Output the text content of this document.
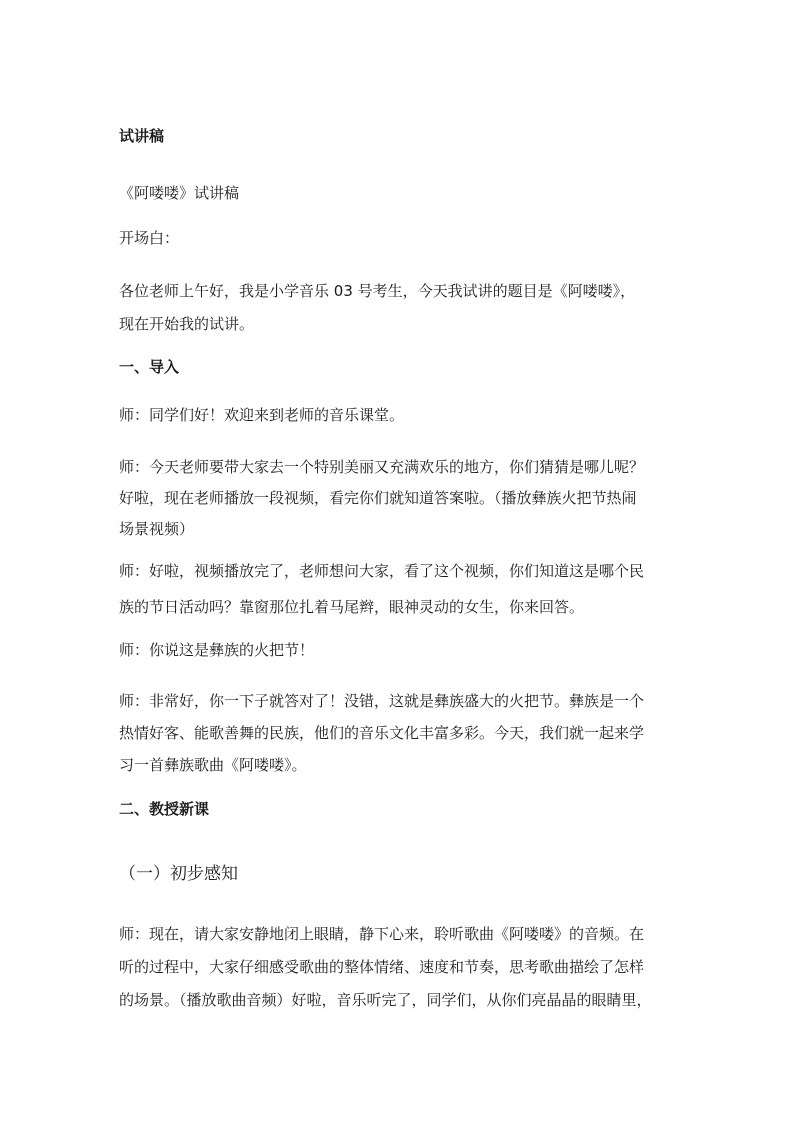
试讲稿

《阿喽喽》试讲稿

开场白：

各位老师上午好，我是小学音乐 03 号考生，今天我试讲的题目是《阿喽喽》，
现在开始我的试讲。

一、导入

师：同学们好！欢迎来到老师的音乐课堂。

师：今天老师要带大家去一个特别美丽又充满欢乐的地方，你们猜猜是哪儿呢？
好啦，现在老师播放一段视频，看完你们就知道答案啦。（播放彝族火把节热闹
场景视频）
师：好啦，视频播放完了，老师想问大家，看了这个视频，你们知道这是哪个民
族的节日活动吗？靠窗那位扎着马尾辫，眼神灵动的女生，你来回答。

师：你说这是彝族的火把节！

师：非常好，你一下子就答对了！没错，这就是彝族盛大的火把节。彝族是一个
热情好客、能歌善舞的民族，他们的音乐文化丰富多彩。今天，我们就一起来学
习一首彝族歌曲《阿喽喽》。

二、教授新课

（一）初步感知

师：现在，请大家安静地闭上眼睛，静下心来，聆听歌曲《阿喽喽》的音频。在
听的过程中，大家仔细感受歌曲的整体情绪、速度和节奏，思考歌曲描绘了怎样
的场景。（播放歌曲音频）好啦，音乐听完了，同学们，从你们亮晶晶的眼睛里，
